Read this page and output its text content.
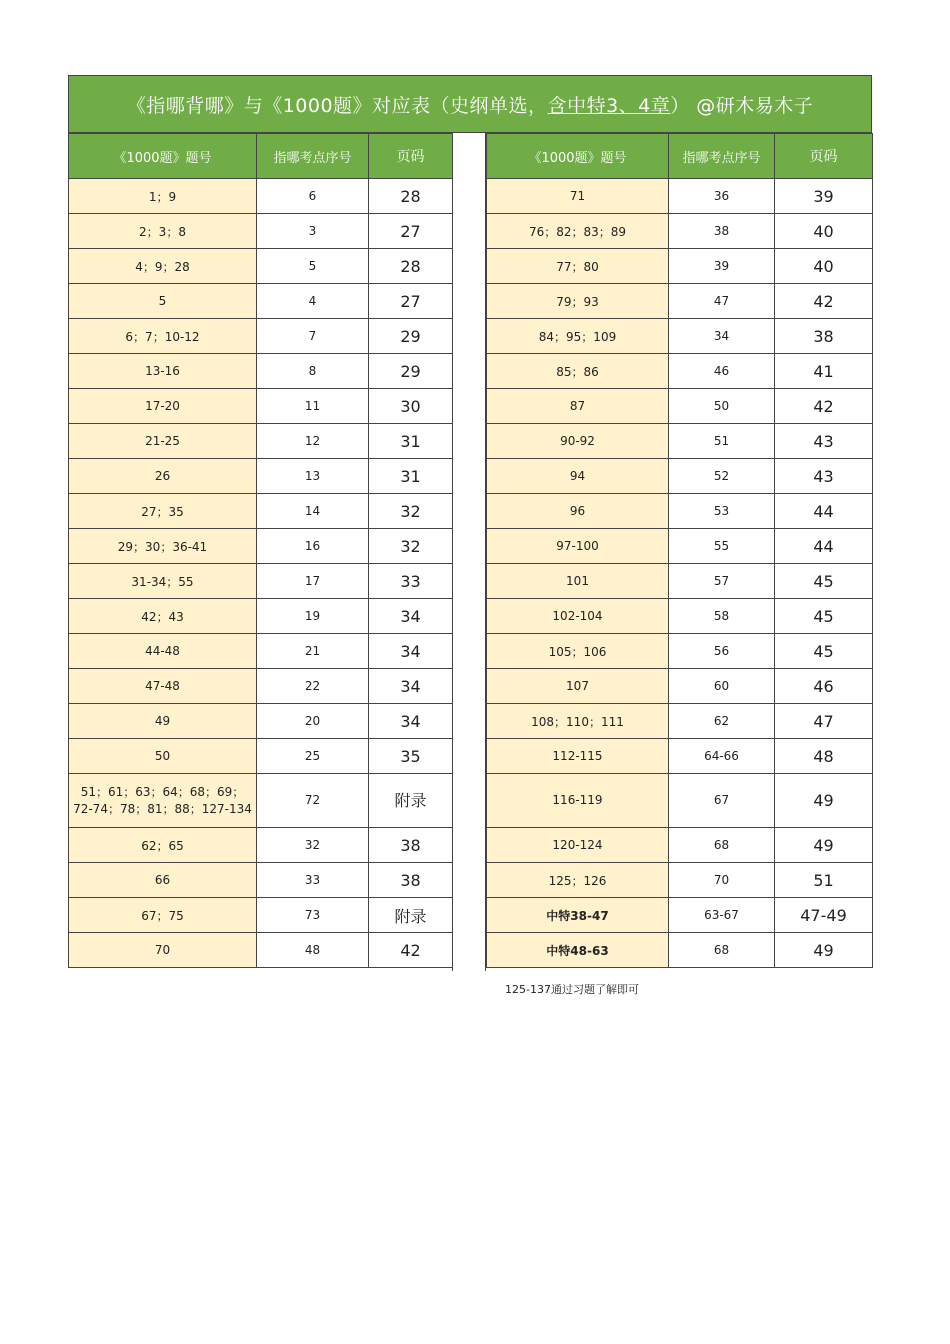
《指哪背哪》与《1000题》对应表（史纲单选， 含中特3、4章 ） @研木易木子
《1000题》题号	指哪考点序号	页码
1；9	6	28
2；3；8	3	27
4；9；28	5	28
5	4	27
6；7；10-12	7	29
13-16	8	29
17-20	11	30
21-25	12	31
26	13	31
27；35	14	32
29；30；36-41	16	32
31-34；55	17	33
42；43	19	34
44-48	21	34
47-48	22	34
49	20	34
50	25	35
51；61；63；64；68；69；72-74；78；81；88；127-134	72	附录
62；65	32	38
66	33	38
67；75	73	附录
70	48	42
《1000题》题号	指哪考点序号	页码
71	36	39
76；82；83；89	38	40
77；80	39	40
79；93	47	42
84；95；109	34	38
85；86	46	41
87	50	42
90-92	51	43
94	52	43
96	53	44
97-100	55	44
101	57	45
102-104	58	45
105；106	56	45
107	60	46
108；110；111	62	47
112-115	64-66	48
116-119	67	49
120-124	68	49
125；126	70	51
中特38-47	63-67	47-49
中特48-63	68	49
125-137通过习题了解即可
